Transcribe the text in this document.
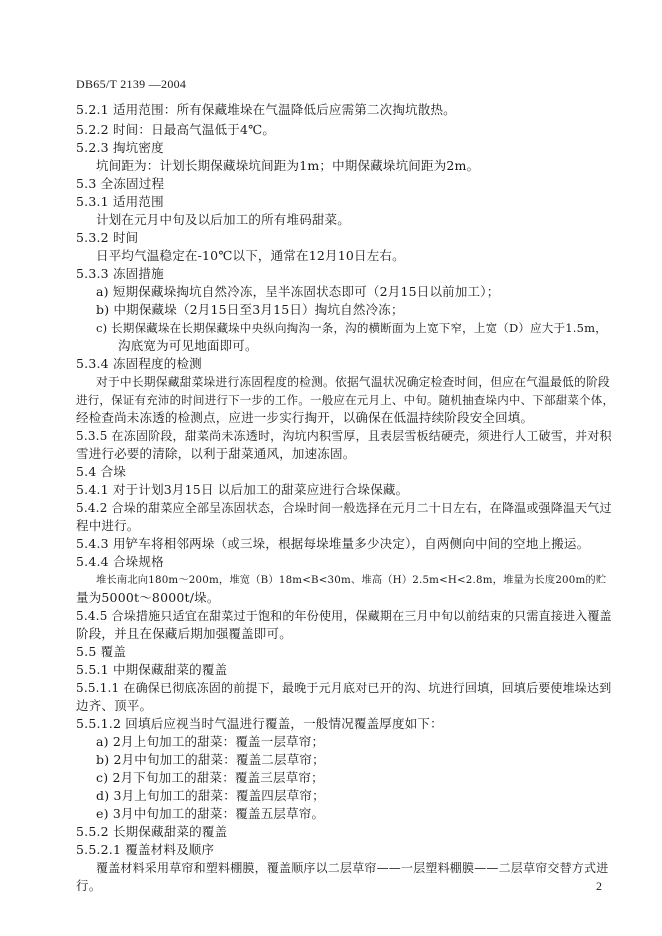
DB65/T 2139 —2004
5.2.1 适用范围：所有保藏堆垛在气温降低后应需第二次掏坑散热。
5.2.2 时间：日最高气温低于4℃。
5.2.3 掏坑密度
坑间距为：计划长期保藏垛坑间距为1m；中期保藏垛坑间距为2m。
5.3 全冻固过程
5.3.1 适用范围
计划在元月中旬及以后加工的所有堆码甜菜。
5.3.2 时间
日平均气温稳定在-10℃以下，通常在12月10日左右。
5.3.3 冻固措施
a) 短期保藏垛掏坑自然冷冻，呈半冻固状态即可（2月15日以前加工）；
b) 中期保藏垛（2月15日至3月15日）掏坑自然冷冻；
c) 长期保藏垛在长期保藏垛中央纵向掏沟一条，沟的横断面为上宽下窄，上宽（D）应大于1.5m，
沟底宽为可见地面即可。
5.3.4 冻固程度的检测
对于中长期保藏甜菜垛进行冻固程度的检测。依据气温状况确定检查时间，但应在气温最低的阶段
进行，保证有充沛的时间进行下一步的工作。一般应在元月上、中旬。随机抽查垛内中、下部甜菜个体，
经检查尚未冻透的检测点，应进一步实行掏开，以确保在低温持续阶段安全回填。
5.3.5 在冻固阶段，甜菜尚未冻透时，沟坑内积雪厚，且表层雪板结硬壳，须进行人工破雪，并对积
雪进行必要的清除，以利于甜菜通风，加速冻固。
5.4 合垛
5.4.1 对于计划3月15日 以后加工的甜菜应进行合垛保藏。
5.4.2 合垛的甜菜应全部呈冻固状态，合垛时间一般选择在元月二十日左右，在降温或强降温天气过
程中进行。
5.4.3 用铲车将相邻两垛（或三垛，根据每垛堆量多少决定），自两侧向中间的空地上搬运。
5.4.4 合垛规格
堆长南北向180m～200m，堆宽（B）18m<B<30m、堆高（H）2.5m<H<2.8m，堆量为长度200m的贮
量为5000t～8000t/垛。
5.4.5 合垛措施只适宜在甜菜过于饱和的年份使用，保藏期在三月中旬以前结束的只需直接进入覆盖
阶段，并且在保藏后期加强覆盖即可。
5.5 覆盖
5.5.1 中期保藏甜菜的覆盖
5.5.1.1 在确保已彻底冻固的前提下，最晚于元月底对已开的沟、坑进行回填，回填后要使堆垛达到
边齐、顶平。
5.5.1.2 回填后应视当时气温进行覆盖，一般情况覆盖厚度如下：
a) 2月上旬加工的甜菜：覆盖一层草帘；
b) 2月中旬加工的甜菜：覆盖二层草帘；
c) 2月下旬加工的甜菜：覆盖三层草帘；
d) 3月上旬加工的甜菜：覆盖四层草帘；
e) 3月中旬加工的甜菜：覆盖五层草帘。
5.5.2 长期保藏甜菜的覆盖
5.5.2.1 覆盖材料及顺序
覆盖材料采用草帘和塑料棚膜，覆盖顺序以二层草帘——一层塑料棚膜——二层草帘交替方式进
行。	2
